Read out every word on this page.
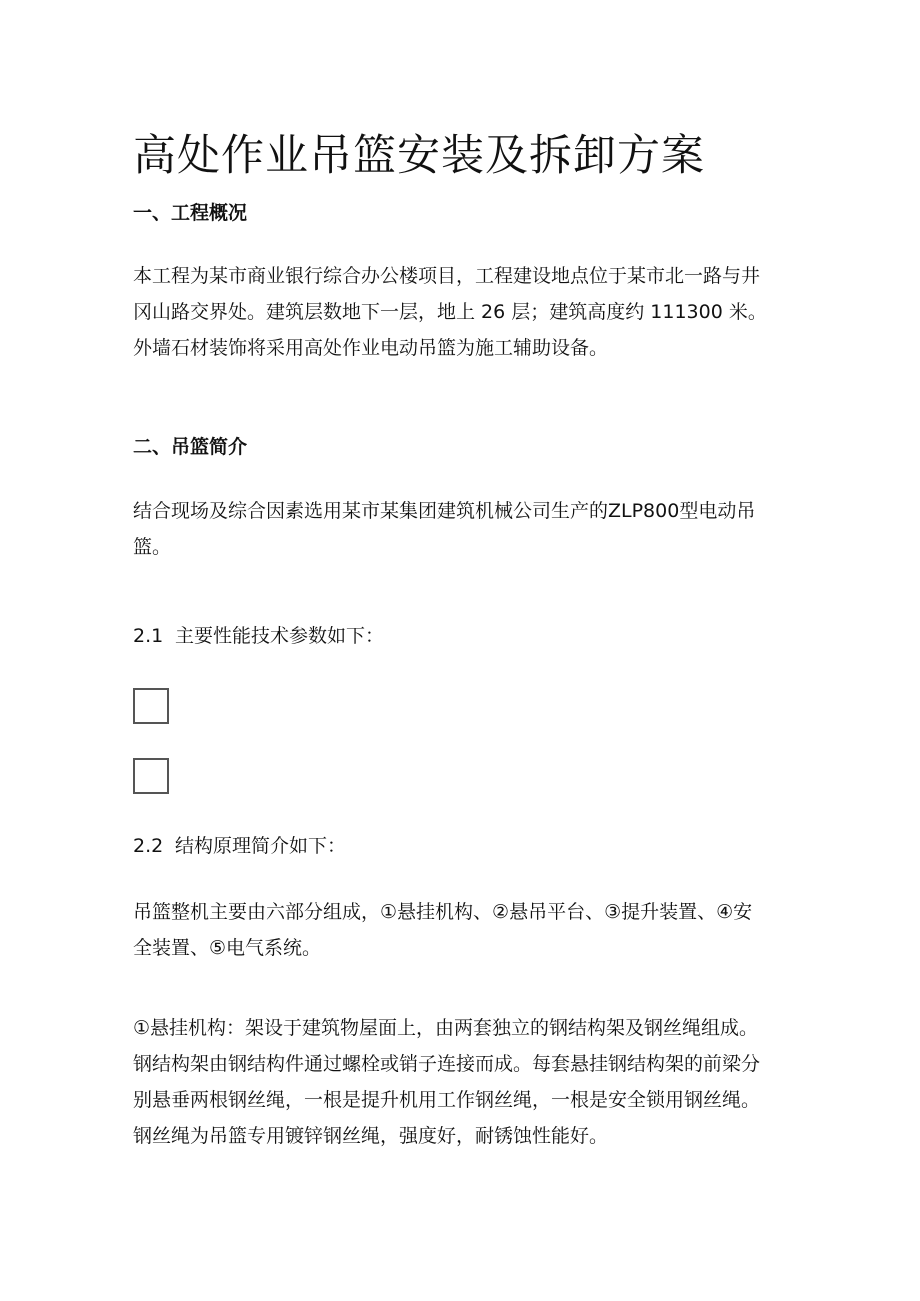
高处作业吊篮安装及拆卸方案
一、工程概况
本工程为某市商业银行综合办公楼项目，工程建设地点位于某市北一路与井
冈山路交界处。建筑层数地下一层，地上 26 层；建筑高度约 111300 米。
外墙石材装饰将采用高处作业电动吊篮为施工辅助设备。
二、吊篮简介
结合现场及综合因素选用某市某集团建筑机械公司生产的ZLP800型电动吊
篮。

2.1 主要性能技术参数如下：

2.2 结构原理简介如下：

吊篮整机主要由六部分组成，①悬挂机构、②悬吊平台、③提升装置、④安
全装置、⑤电气系统。
①悬挂机构：架设于建筑物屋面上，由两套独立的钢结构架及钢丝绳组成。
钢结构架由钢结构件通过螺栓或销子连接而成。每套悬挂钢结构架的前梁分
别悬垂两根钢丝绳，一根是提升机用工作钢丝绳，一根是安全锁用钢丝绳。
钢丝绳为吊篮专用镀锌钢丝绳，强度好，耐锈蚀性能好。
